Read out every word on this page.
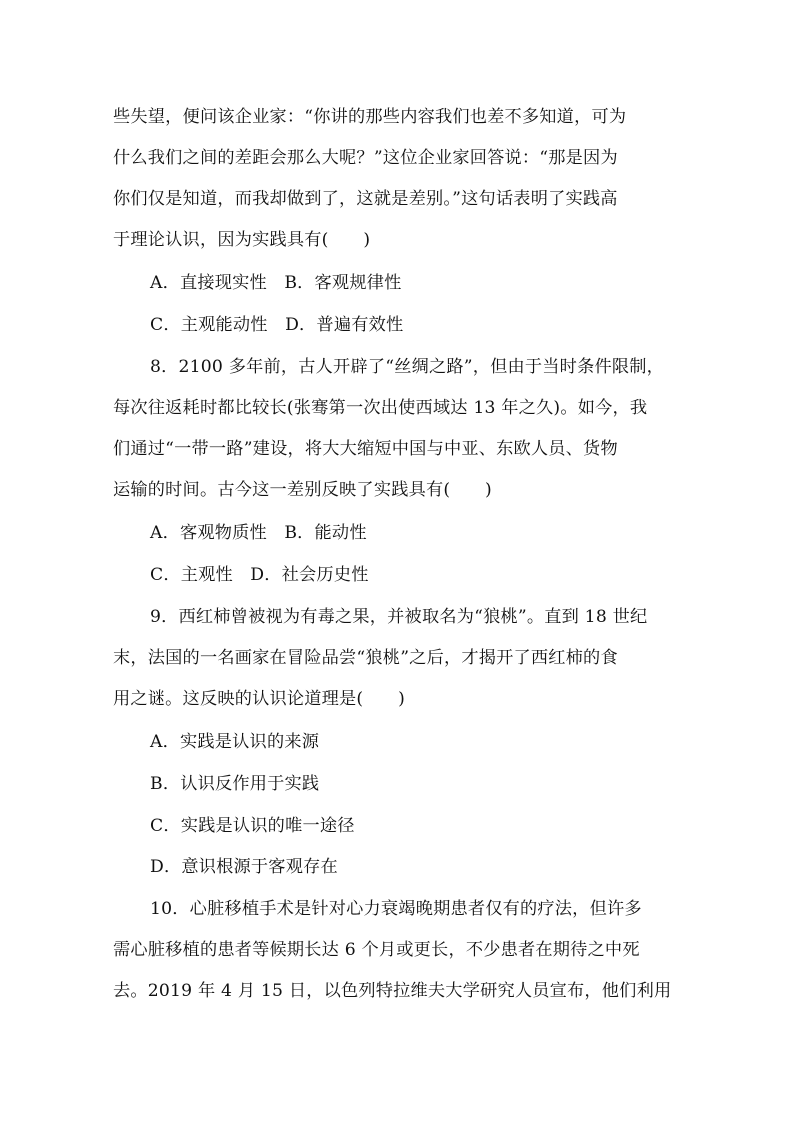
些失望，便问该企业家：“你讲的那些内容我们也差不多知道，可为
什么我们之间的差距会那么大呢？”这位企业家回答说：“那是因为
你们仅是知道，而我却做到了，这就是差别。”这句话表明了实践高
于理论认识，因为实践具有(　　)
A．直接现实性　B．客观规律性
C．主观能动性　D．普遍有效性
8．2100 多年前，古人开辟了“丝绸之路”，但由于当时条件限制，
每次往返耗时都比较长(张骞第一次出使西域达 13 年之久)。如今，我
们通过“一带一路”建设，将大大缩短中国与中亚、东欧人员、货物
运输的时间。古今这一差别反映了实践具有(　　)
A．客观物质性　B．能动性
C．主观性　D．社会历史性
9．西红柿曾被视为有毒之果，并被取名为“狼桃”。直到 18 世纪
末，法国的一名画家在冒险品尝“狼桃”之后，才揭开了西红柿的食
用之谜。这反映的认识论道理是(　　)
A．实践是认识的来源
B．认识反作用于实践
C．实践是认识的唯一途径
D．意识根源于客观存在
10．心脏移植手术是针对心力衰竭晚期患者仅有的疗法，但许多
需心脏移植的患者等候期长达 6 个月或更长，不少患者在期待之中死
去。2019 年 4 月 15 日，以色列特拉维夫大学研究人员宣布，他们利用
